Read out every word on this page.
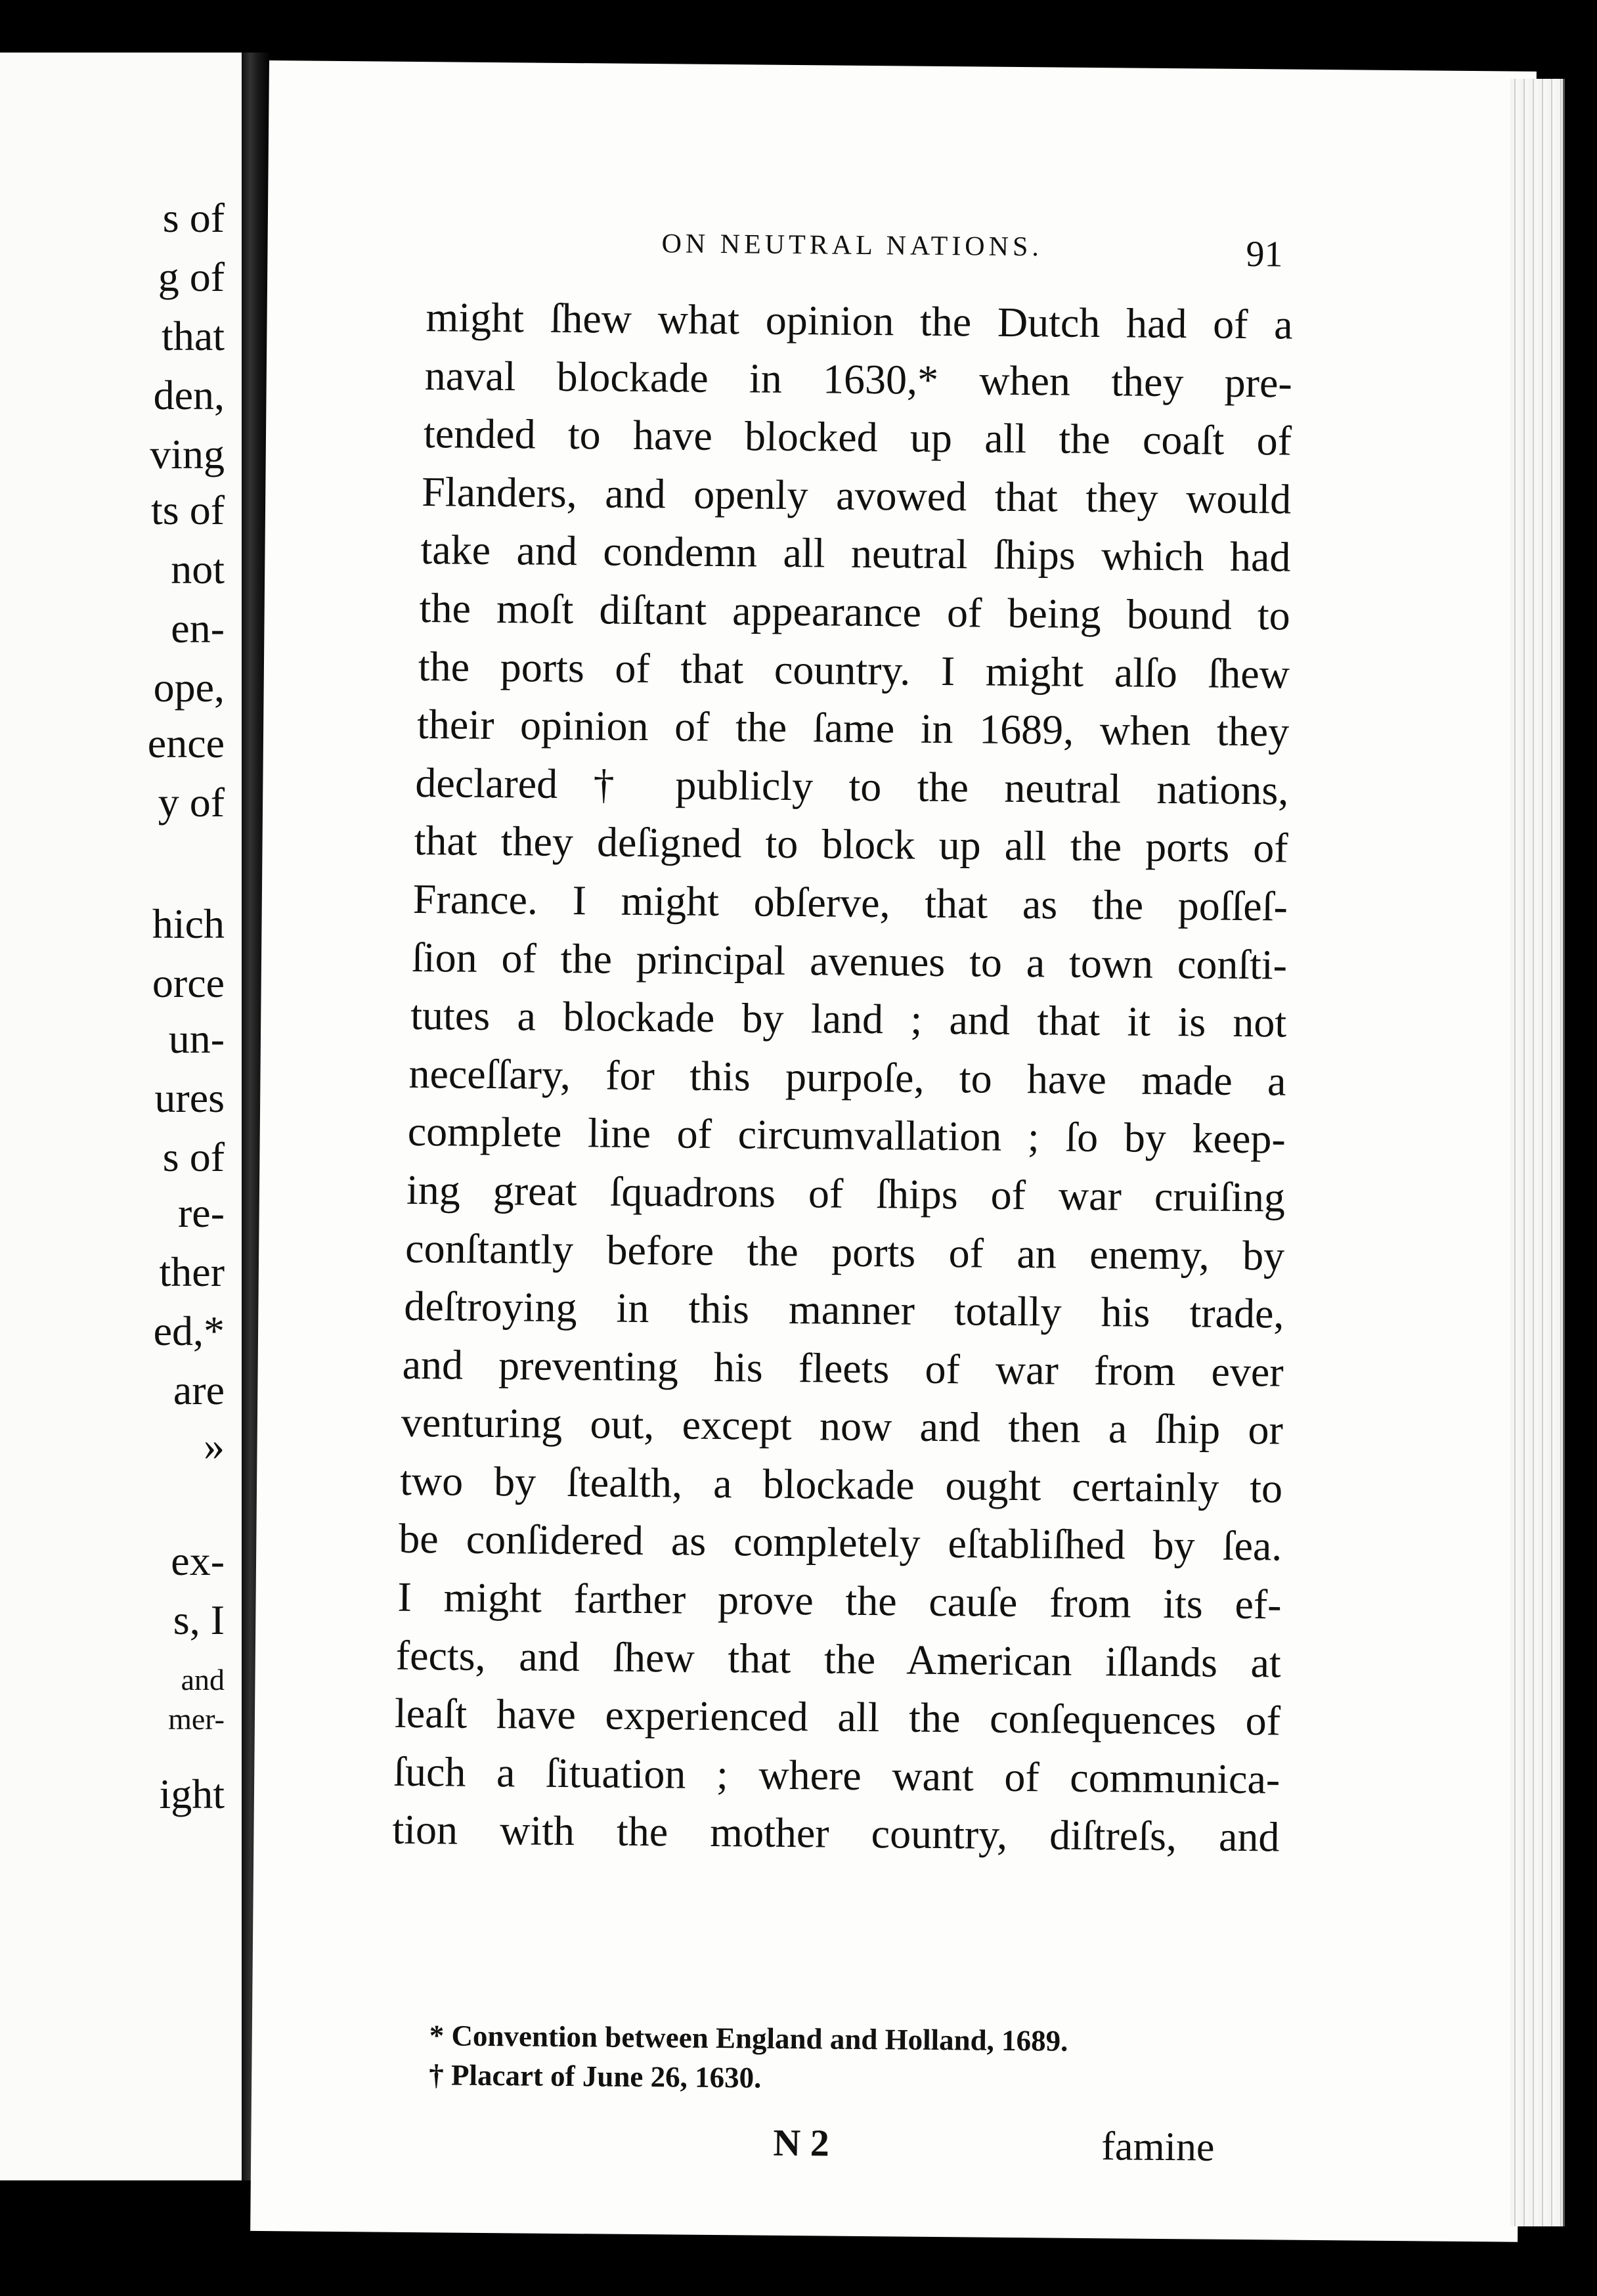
s of
g of
that
den,
ving
ts of
not
en-
ope,
ence
y of
hich
orce
un-
ures
s of
re-
ther
ed,*
are
»
ex-
s, I
and
mer-
ight
ON NEUTRAL NATIONS.	91
might ſhew what opinion the Dutch had of a
naval blockade in 1630,* when they pre-
tended to have blocked up all the coaſt of
Flanders, and openly avowed that they would
take and condemn all neutral ſhips which had
the moſt diſtant appearance of being bound to
the ports of that country. I might alſo ſhew
their opinion of the ſame in 1689, when they
declared † publicly to the neutral nations,
that they deſigned to block up all the ports of
France. I might obſerve, that as the poſſeſ-
ſion of the principal avenues to a town conſti-
tutes a blockade by land ; and that it is not
neceſſary, for this purpoſe, to have made a
complete line of circumvallation ; ſo by keep-
ing great ſquadrons of ſhips of war cruiſing
conſtantly before the ports of an enemy, by
deſtroying in this manner totally his trade,
and preventing his fleets of war from ever
venturing out, except now and then a ſhip or
two by ſtealth, a blockade ought certainly to
be conſidered as completely eſtabliſhed by ſea.
I might farther prove the cauſe from its ef-
fects, and ſhew that the American iſlands at
leaſt have experienced all the conſequences of
ſuch a ſituation ; where want of communica-
tion with the mother country, diſtreſs, and
* Convention between England and Holland, 1689.
† Placart of June 26, 1630.
N 2	famine
